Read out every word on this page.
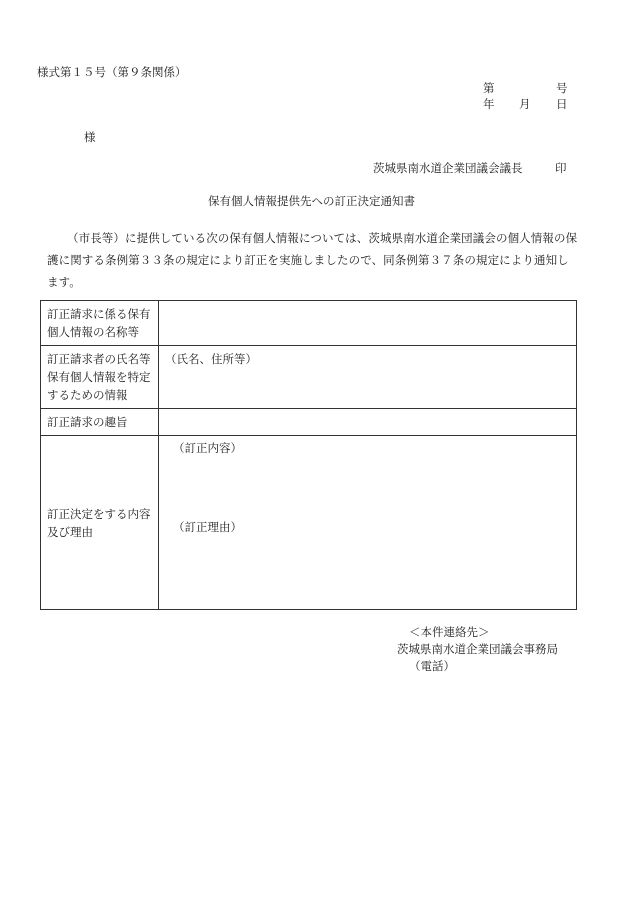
様式第１５号（第９条関係）
第	号
年 月 日
様
茨城県南水道企業団議会議長	印
保有個人情報提供先への訂正決定通知書
（市長等）に提供している次の保有個人情報については、茨城県南水道企業団議会の個人情報の保護に関する条例第３３条の規定により訂正を実施しましたので、同条例第３７条の規定により通知します。
訂正請求に係る保有個人情報の名称等	
訂正請求者の氏名等保有個人情報を特定するための情報	（氏名、住所等）
訂正請求の趣旨	
訂正決定をする内容及び理由	（訂正内容）
（訂正理由）
＜本件連絡先＞
茨城県南水道企業団議会事務局
（電話）
